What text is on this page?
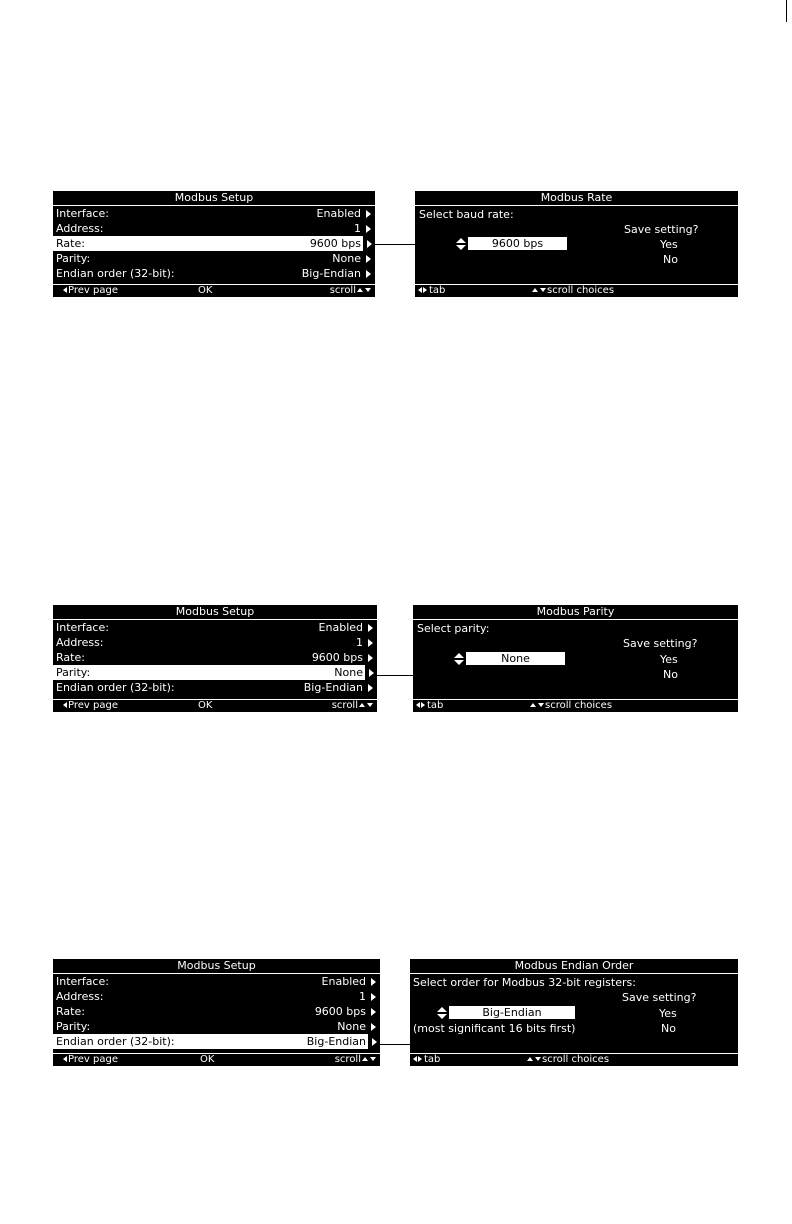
Modbus Setup
Interface:	Enabled
Address:	1
Rate:	9600 bps
Parity:	None
Endian order (32-bit):	Big-Endian
Prev page	OK	scroll
Modbus Rate
Select baud rate:
Save setting?
9600 bps	Yes
No
tab	scroll choices
Modbus Setup
Interface:	Enabled
Address:	1
Rate:	9600 bps
Parity:	None
Endian order (32-bit):	Big-Endian
Prev page	OK	scroll
Modbus Parity
Select parity:
Save setting?
None	Yes
No
tab	scroll choices
Modbus Setup
Interface:	Enabled
Address:	1
Rate:	9600 bps
Parity:	None
Endian order (32-bit):	Big-Endian
Prev page	OK	scroll
Modbus Endian Order
Select order for Modbus 32-bit registers:
Save setting?
Big-Endian	Yes
(most significant 16 bits first)	No
tab	scroll choices
